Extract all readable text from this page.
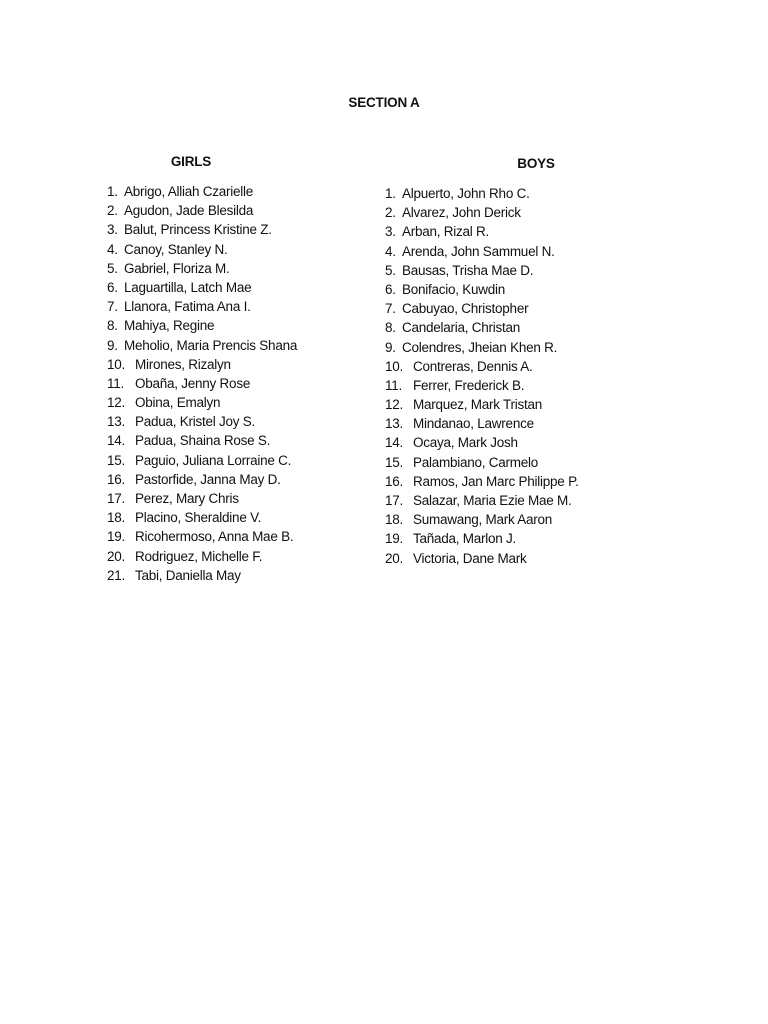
SECTION A
GIRLS	BOYS
1. Abrigo, Alliah Czarielle
2. Agudon, Jade Blesilda
3. Balut, Princess Kristine Z.
4. Canoy, Stanley N.
5. Gabriel, Floriza M.
6. Laguartilla, Latch Mae
7. Llanora, Fatima Ana I.
8. Mahiya, Regine
9. Meholio, Maria Prencis Shana
10. Mirones, Rizalyn
11. Obaña, Jenny Rose
12. Obina, Emalyn
13. Padua, Kristel Joy S.
14. Padua, Shaina Rose S.
15. Paguio, Juliana Lorraine C.
16. Pastorfide, Janna May D.
17. Perez, Mary Chris
18. Placino, Sheraldine V.
19. Ricohermoso, Anna Mae B.
20. Rodriguez, Michelle F.
21. Tabi, Daniella May
1. Alpuerto, John Rho C.
2. Alvarez, John Derick
3. Arban, Rizal R.
4. Arenda, John Sammuel N.
5. Bausas, Trisha Mae D.
6. Bonifacio, Kuwdin
7. Cabuyao, Christopher
8. Candelaria, Christan
9. Colendres, Jheian Khen R.
10. Contreras, Dennis A.
11. Ferrer, Frederick B.
12. Marquez, Mark Tristan
13. Mindanao, Lawrence
14. Ocaya, Mark Josh
15. Palambiano, Carmelo
16. Ramos, Jan Marc Philippe P.
17. Salazar, Maria Ezie Mae M.
18. Sumawang, Mark Aaron
19. Tañada, Marlon J.
20. Victoria, Dane Mark
